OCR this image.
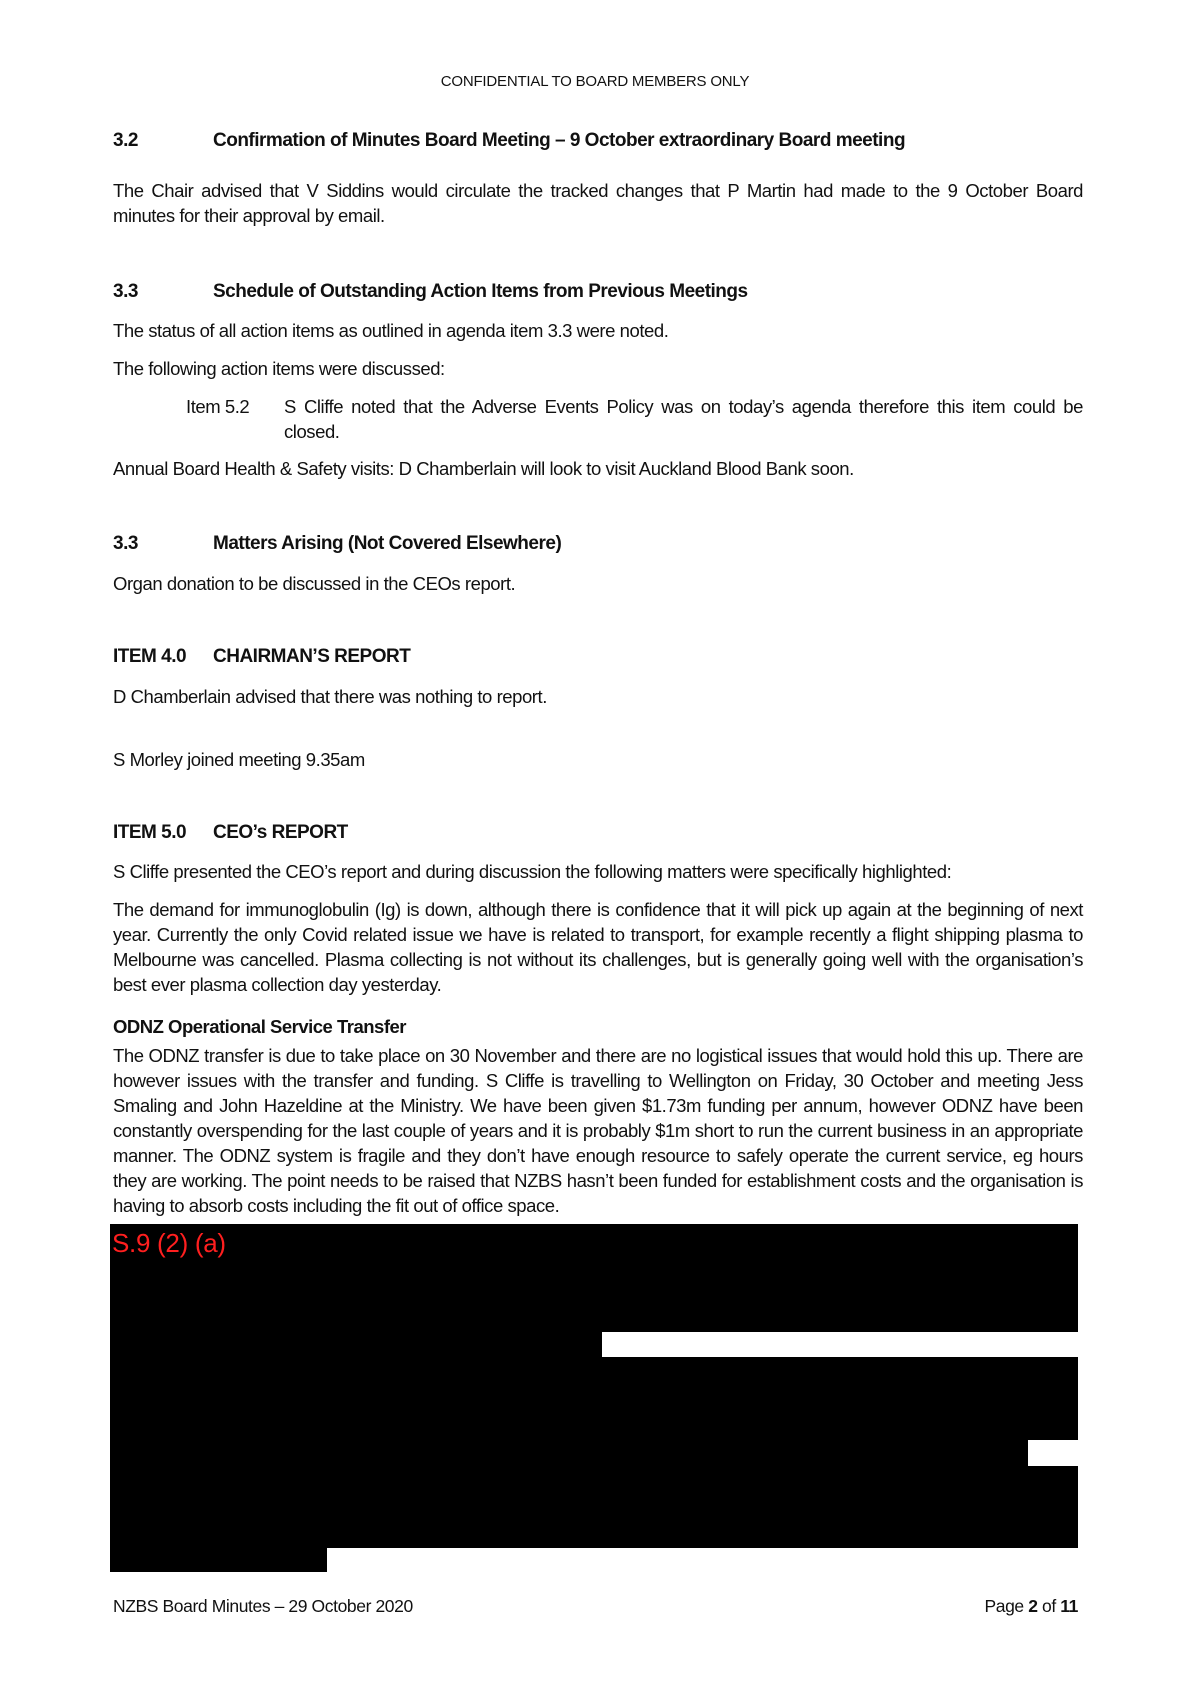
CONFIDENTIAL TO BOARD MEMBERS ONLY
3.2	Confirmation of Minutes Board Meeting – 9 October extraordinary Board meeting
The Chair advised that V Siddins would circulate the tracked changes that P Martin had made to the 9 October Board minutes for their approval by email.
3.3	Schedule of Outstanding Action Items from Previous Meetings
The status of all action items as outlined in agenda item 3.3 were noted.
The following action items were discussed:
Item 5.2	S Cliffe noted that the Adverse Events Policy was on today’s agenda therefore this item could be closed.
Annual Board Health & Safety visits: D Chamberlain will look to visit Auckland Blood Bank soon.
3.3	Matters Arising (Not Covered Elsewhere)
Organ donation to be discussed in the CEOs report.
ITEM 4.0 CHAIRMAN’S REPORT
D Chamberlain advised that there was nothing to report.
S Morley joined meeting 9.35am
ITEM 5.0 CEO’s REPORT
S Cliffe presented the CEO’s report and during discussion the following matters were specifically highlighted:
The demand for immunoglobulin (Ig) is down, although there is confidence that it will pick up again at the beginning of next year. Currently the only Covid related issue we have is related to transport, for example recently a flight shipping plasma to Melbourne was cancelled. Plasma collecting is not without its challenges, but is generally going well with the organisation’s best ever plasma collection day yesterday.
ODNZ Operational Service Transfer
The ODNZ transfer is due to take place on 30 November and there are no logistical issues that would hold this up. There are however issues with the transfer and funding. S Cliffe is travelling to Wellington on Friday, 30 October and meeting Jess Smaling and John Hazeldine at the Ministry. We have been given $1.73m funding per annum, however ODNZ have been constantly overspending for the last couple of years and it is probably $1m short to run the current business in an appropriate manner. The ODNZ system is fragile and they don’t have enough resource to safely operate the current service, eg hours they are working. The point needs to be raised that NZBS hasn’t been funded for establishment costs and the organisation is having to absorb costs including the fit out of office space.
S.9 (2) (a)
NZBS Board Minutes – 29 October 2020	Page 2 of 11
